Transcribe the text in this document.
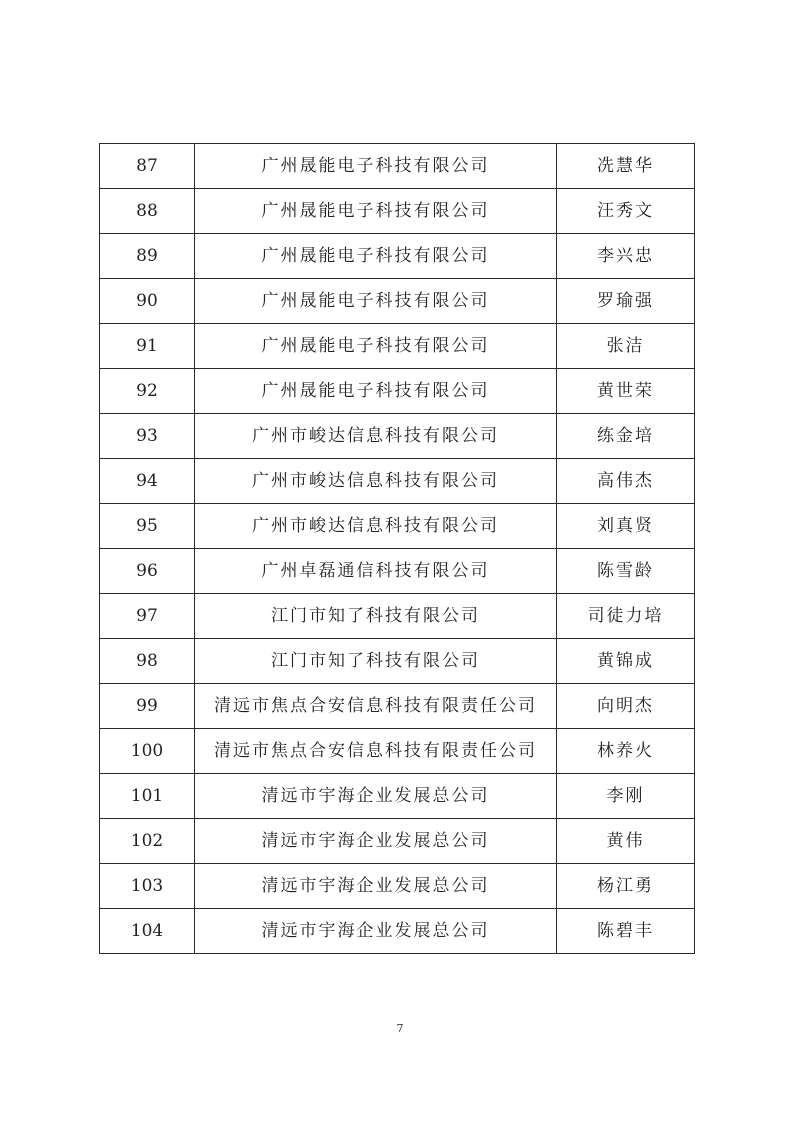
87	广州晟能电子科技有限公司	冼慧华
88	广州晟能电子科技有限公司	汪秀文
89	广州晟能电子科技有限公司	李兴忠
90	广州晟能电子科技有限公司	罗瑜强
91	广州晟能电子科技有限公司	张洁
92	广州晟能电子科技有限公司	黄世荣
93	广州市峻达信息科技有限公司	练金培
94	广州市峻达信息科技有限公司	高伟杰
95	广州市峻达信息科技有限公司	刘真贤
96	广州卓磊通信科技有限公司	陈雪龄
97	江门市知了科技有限公司	司徒力培
98	江门市知了科技有限公司	黄锦成
99	清远市焦点合安信息科技有限责任公司	向明杰
100	清远市焦点合安信息科技有限责任公司	林养火
101	清远市宇海企业发展总公司	李刚
102	清远市宇海企业发展总公司	黄伟
103	清远市宇海企业发展总公司	杨江勇
104	清远市宇海企业发展总公司	陈碧丰
7
